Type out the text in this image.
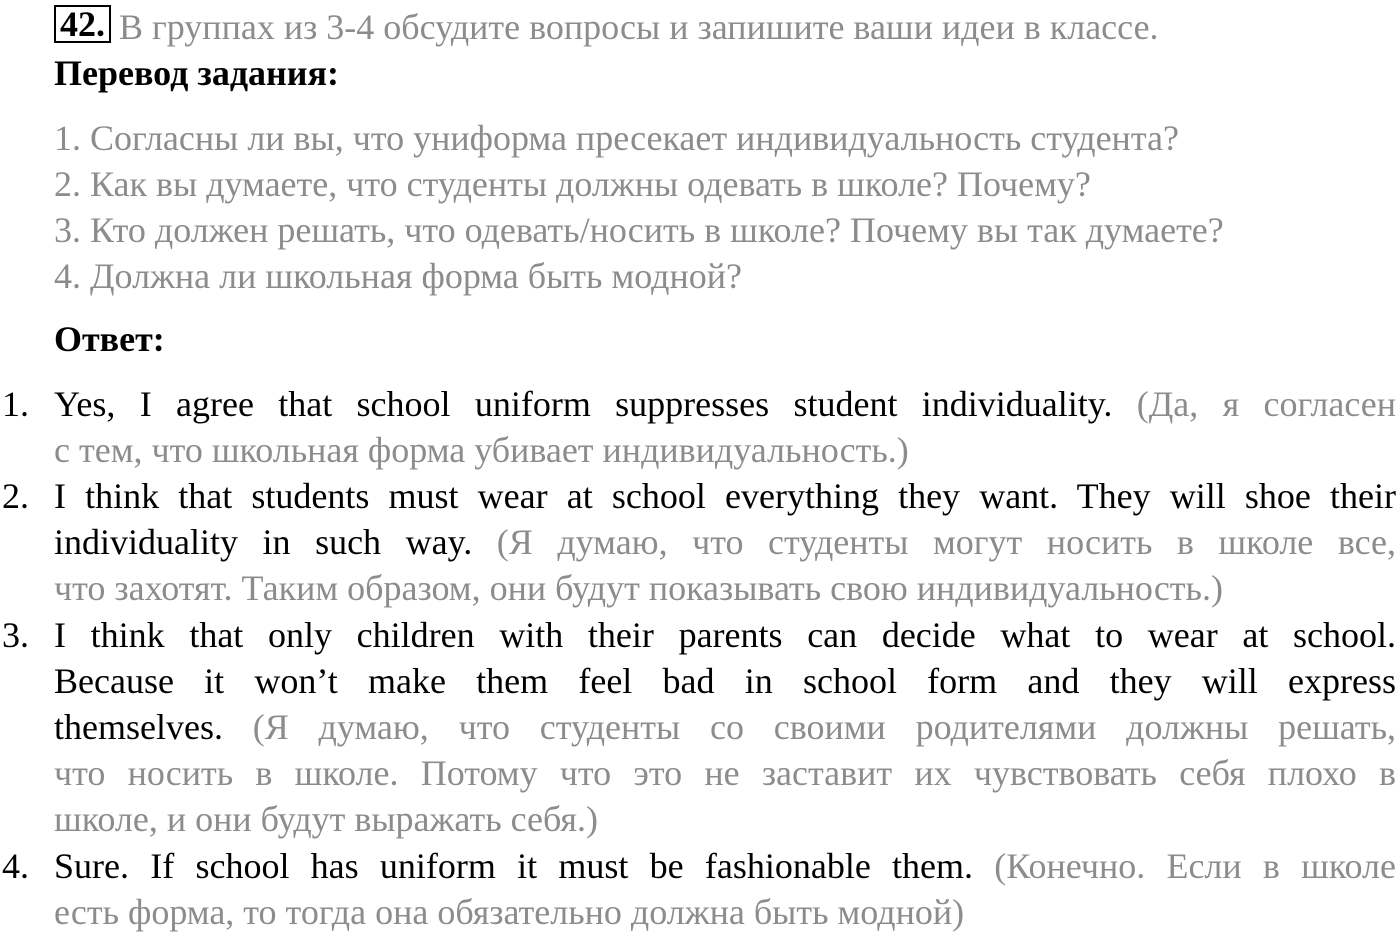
42. В группах из 3-4 обсудите вопросы и запишите ваши идеи в классе.
Перевод задания:
1. Согласны ли вы, что униформа пресекает индивидуальность студента?
2. Как вы думаете, что студенты должны одевать в школе? Почему?
3. Кто должен решать, что одевать/носить в школе? Почему вы так думаете?
4. Должна ли школьная форма быть модной?
Ответ:
1. Yes, I agree that school uniform suppresses student individuality. (Да, я согласен
с тем, что школьная форма убивает индивидуальность.)
2. I think that students must wear at school everything they want. They will shoe their
individuality in such way. (Я думаю, что студенты могут носить в школе все,
что захотят. Таким образом, они будут показывать свою индивидуальность.)
3. I think that only children with their parents can decide what to wear at school.
Because it won’t make them feel bad in school form and they will express
themselves. (Я думаю, что студенты со своими родителями должны решать,
что носить в школе. Потому что это не заставит их чувствовать себя плохо в
школе, и они будут выражать себя.)
4. Sure. If school has uniform it must be fashionable them. (Конечно. Если в школе
есть форма, то тогда она обязательно должна быть модной)
